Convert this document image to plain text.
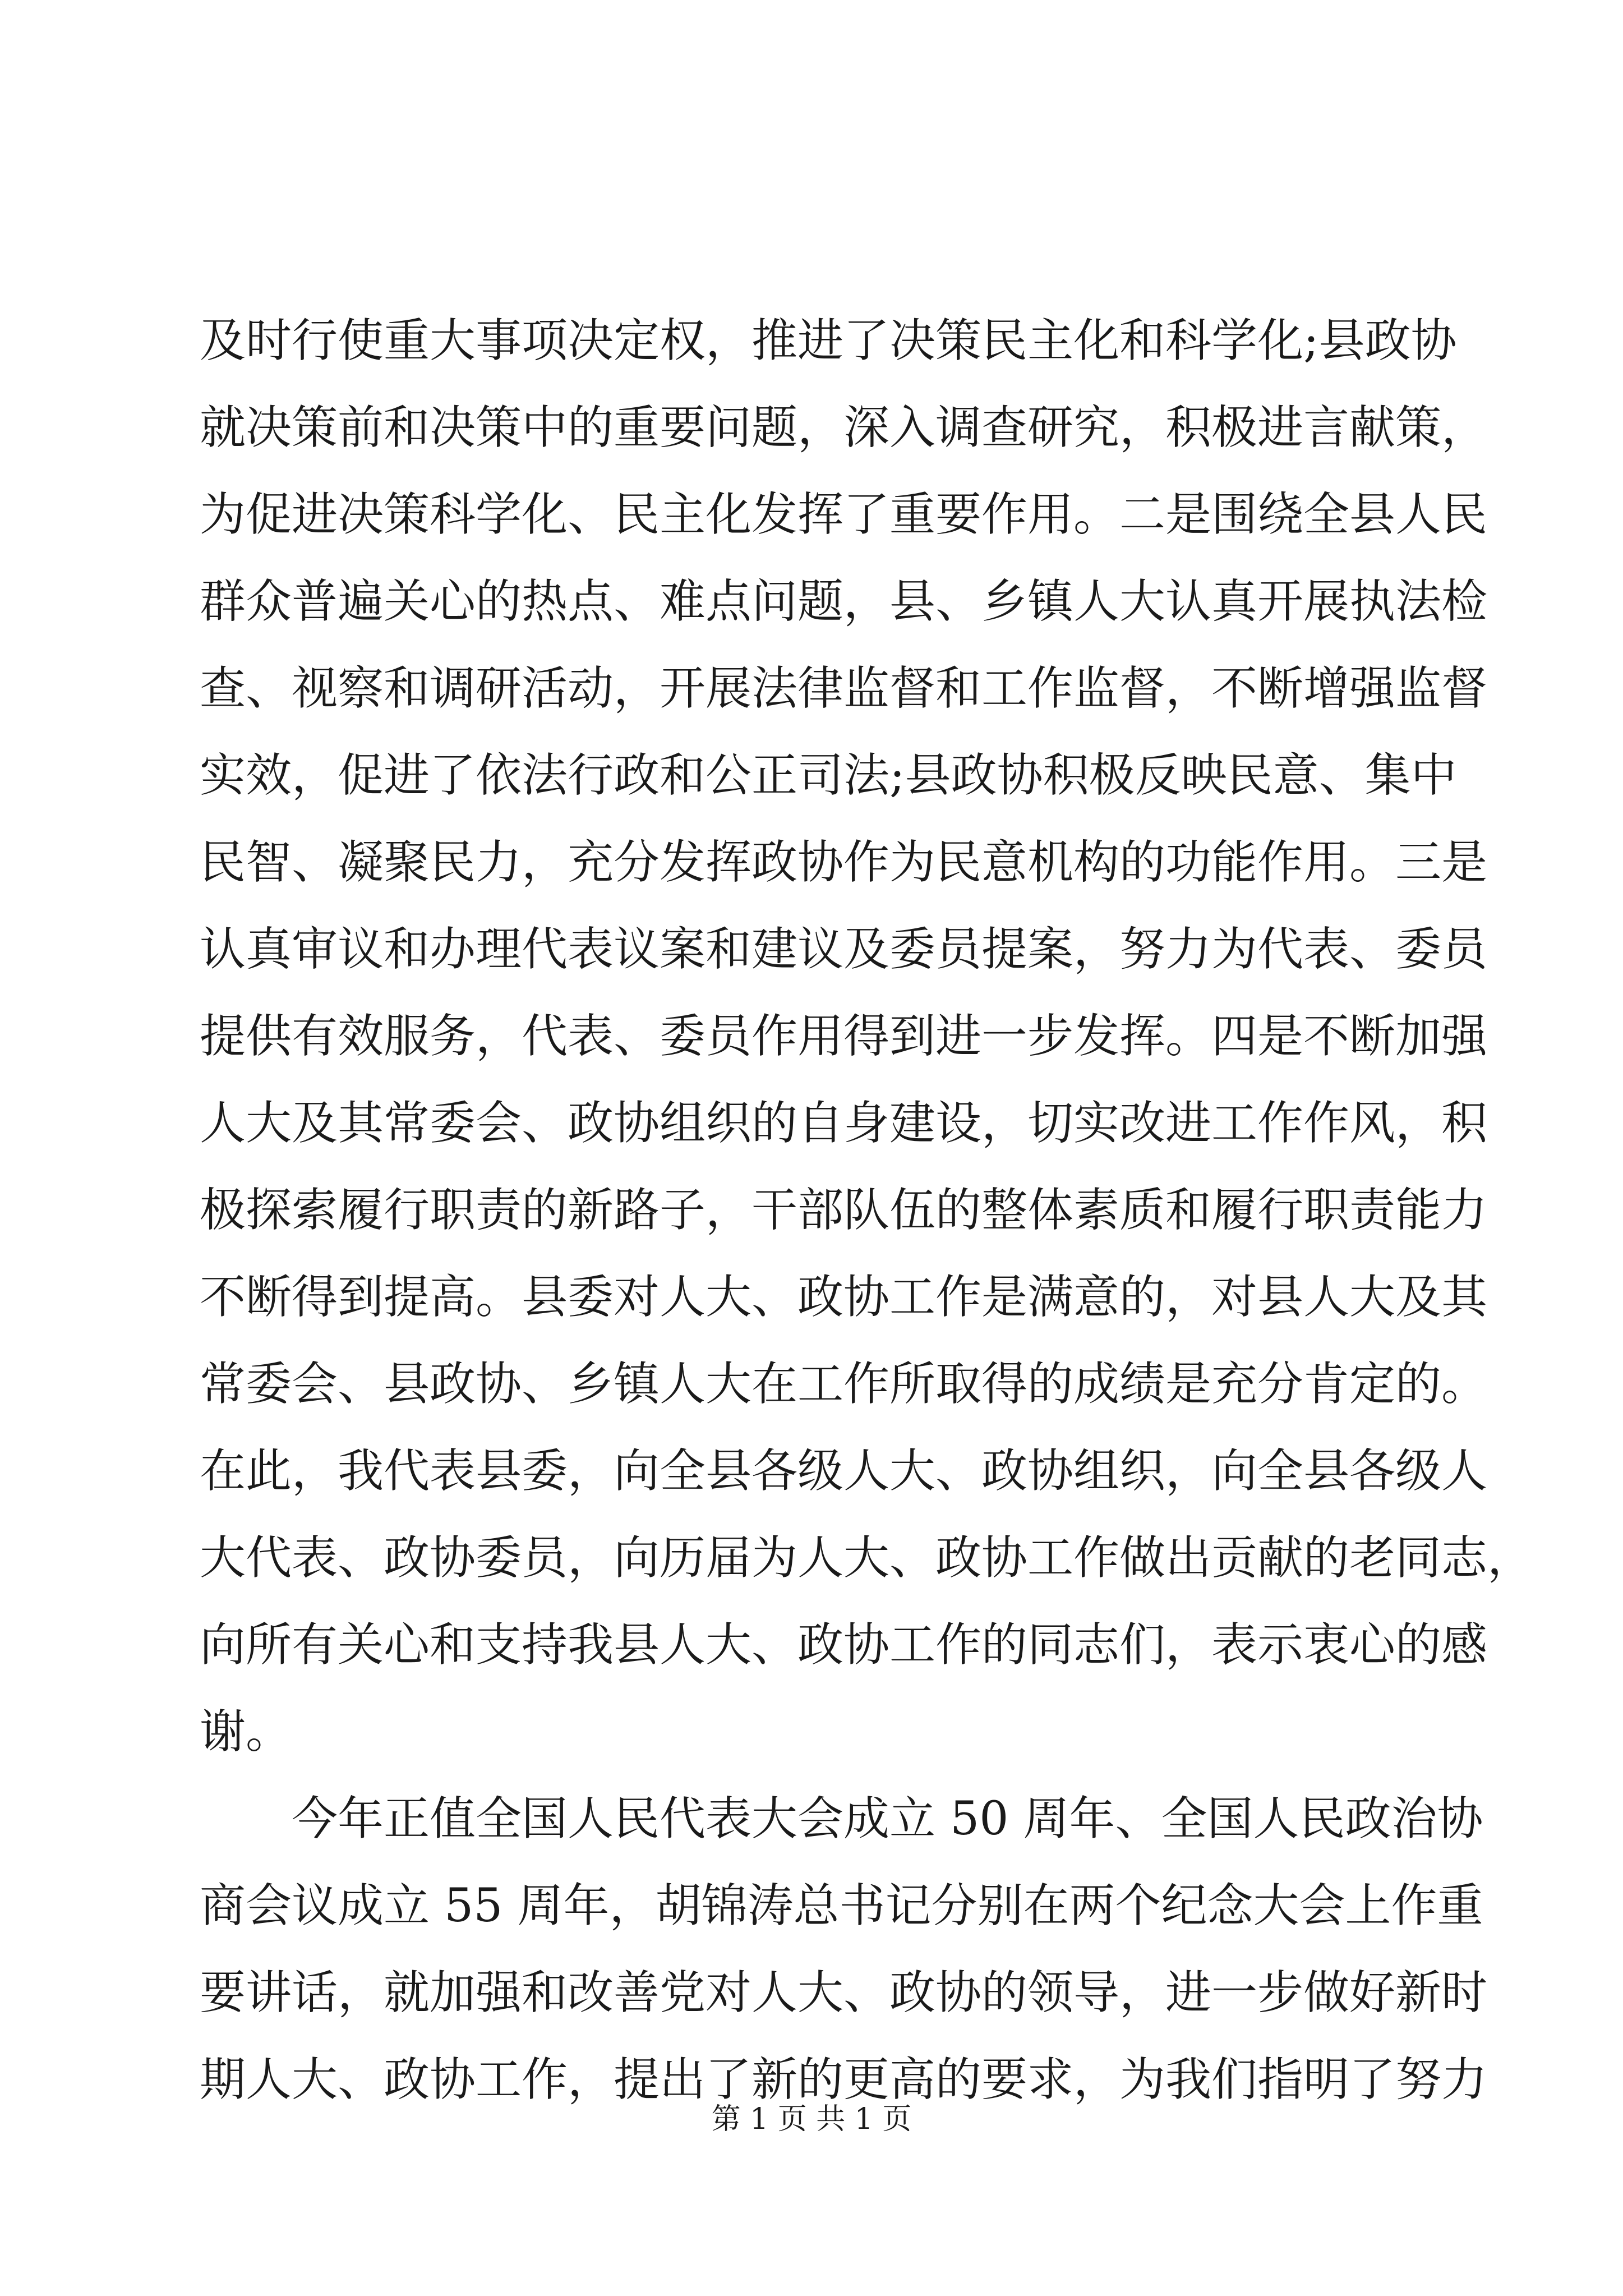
及时行使重大事项决定权，推进了决策民主化和科学化;县政协
就决策前和决策中的重要问题，深入调查研究，积极进言献策，
为促进决策科学化、民主化发挥了重要作用。二是围绕全县人民
群众普遍关心的热点、难点问题，县、乡镇人大认真开展执法检
查、视察和调研活动，开展法律监督和工作监督，不断增强监督
实效，促进了依法行政和公正司法;县政协积极反映民意、集中
民智、凝聚民力，充分发挥政协作为民意机构的功能作用。三是
认真审议和办理代表议案和建议及委员提案，努力为代表、委员
提供有效服务，代表、委员作用得到进一步发挥。四是不断加强
人大及其常委会、政协组织的自身建设，切实改进工作作风，积
极探索履行职责的新路子，干部队伍的整体素质和履行职责能力
不断得到提高。县委对人大、政协工作是满意的，对县人大及其
常委会、县政协、乡镇人大在工作所取得的成绩是充分肯定的。
在此，我代表县委，向全县各级人大、政协组织，向全县各级人
大代表、政协委员，向历届为人大、政协工作做出贡献的老同志，
向所有关心和支持我县人大、政协工作的同志们，表示衷心的感
谢。
今年正值全国人民代表大会成立 50 周年、全国人民政治协
商会议成立 55 周年，胡锦涛总书记分别在两个纪念大会上作重
要讲话，就加强和改善党对人大、政协的领导，进一步做好新时
期人大、政协工作，提出了新的更高的要求，为我们指明了努力
第 1 页 共 1 页
